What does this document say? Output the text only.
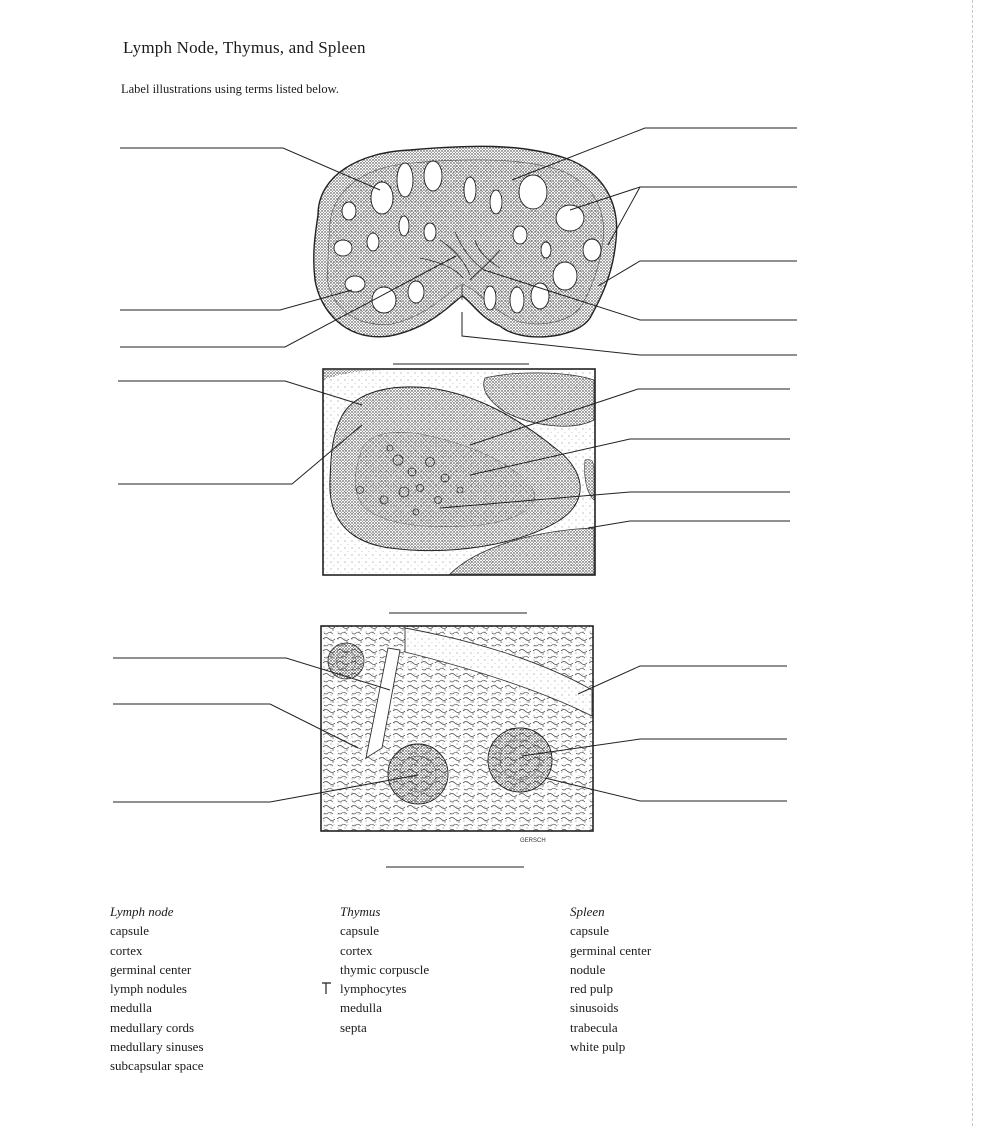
Lymph Node, Thymus, and Spleen
Label illustrations using terms listed below.
GERSCH
Lymph node
capsule
cortex
germinal center
lymph nodules
medulla
medullary cords
medullary sinuses
subcapsular space
Thymus
capsule
cortex
thymic corpuscle
lymphocytes
medulla
septa
Spleen
capsule
germinal center
nodule
red pulp
sinusoids
trabecula
white pulp
